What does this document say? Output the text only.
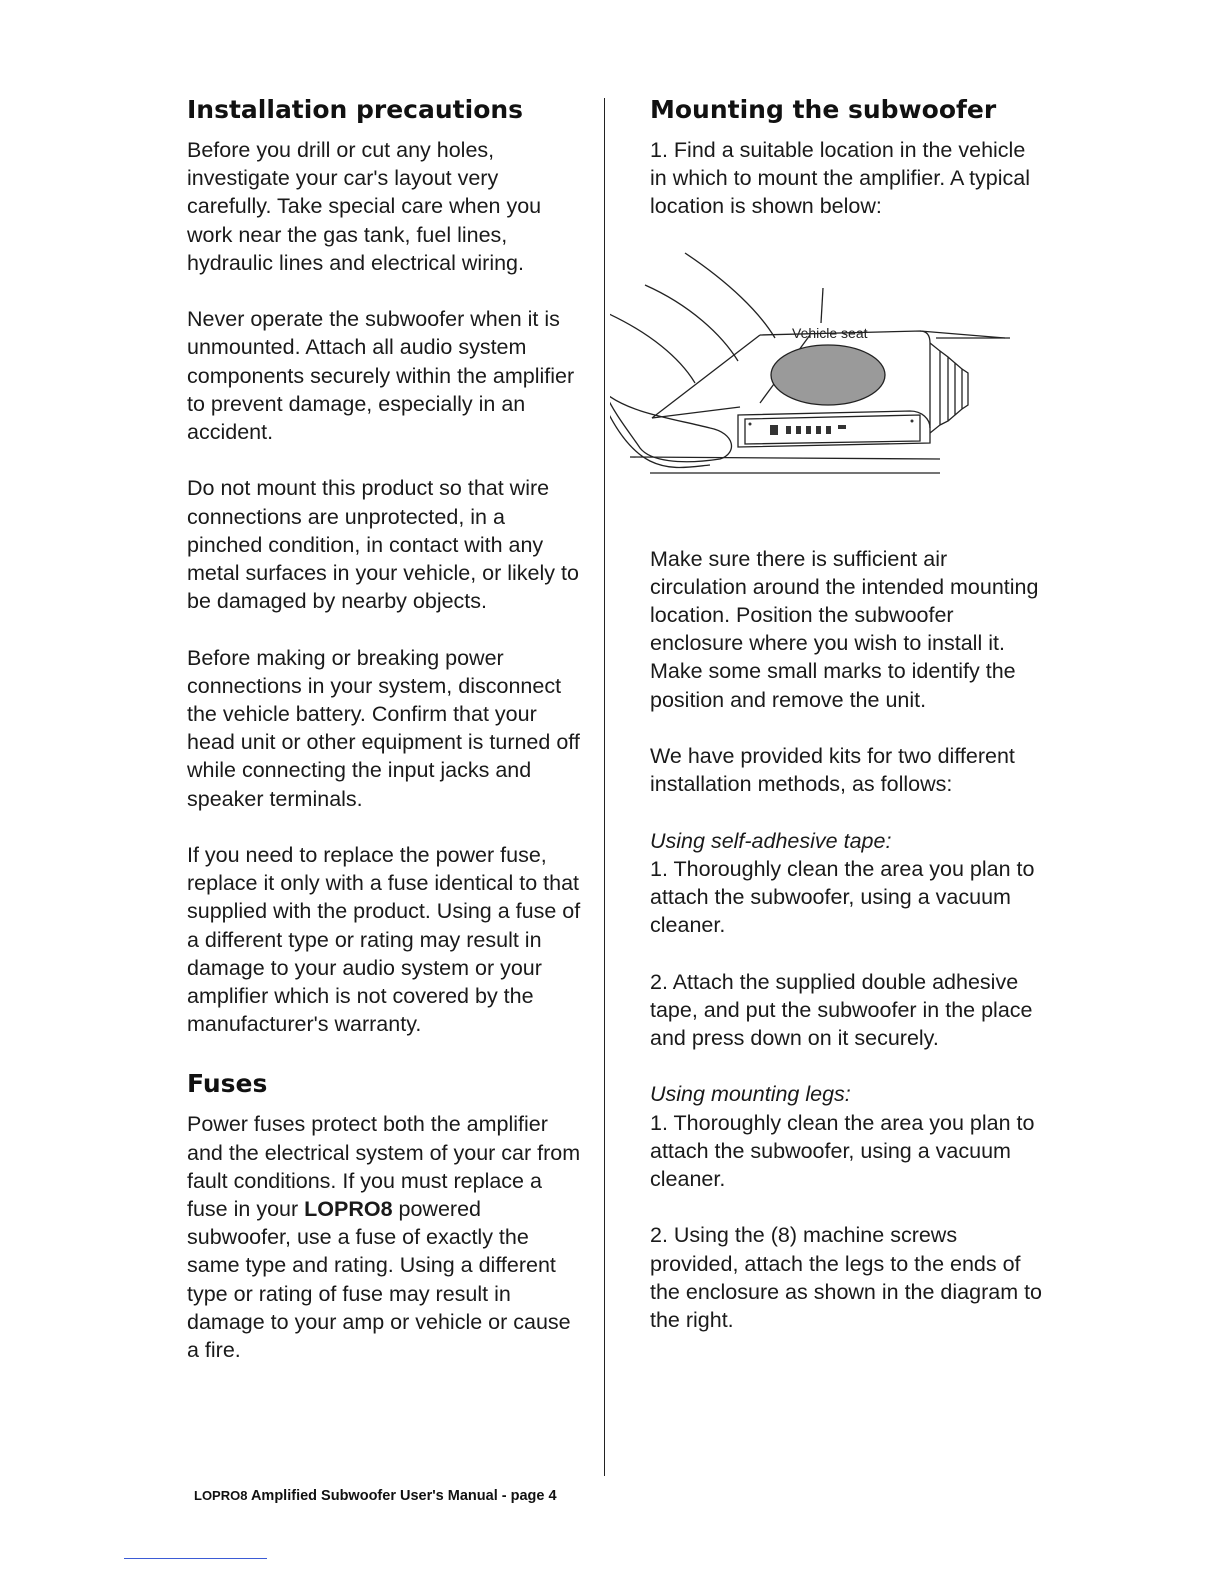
Installation precautions

Before you drill or cut any holes, investigate your car's layout very carefully. Take special care when you work near the gas tank, fuel lines, hydraulic lines and electrical wiring.

Never operate the subwoofer when it is unmounted. Attach all audio system components securely within the amplifier to prevent damage, especially in an accident.

Do not mount this product so that wire connections are unprotected, in a pinched condition, in contact with any metal surfaces in your vehicle, or likely to be damaged by nearby objects.

Before making or breaking power connections in your system, disconnect the vehicle battery. Confirm that your head unit or other equipment is turned off while connecting the input jacks and speaker terminals.

If you need to replace the power fuse, replace it only with a fuse identical to that supplied with the product. Using a fuse of a different type or rating may result in damage to your audio system or your amplifier which is not covered by the manufacturer's warranty.

Fuses

Power fuses protect both the amplifier and the electrical system of your car from fault conditions. If you must replace a fuse in your LOPRO8 powered subwoofer, use a fuse of exactly the same type and rating. Using a different type or rating of fuse may result in damage to your amp or vehicle or cause a fire.

Mounting the subwoofer

1. Find a suitable location in the vehicle in which to mount the amplifier. A typical location is shown below:

Vehicle seat

Make sure there is sufficient air circulation around the intended mounting location. Position the subwoofer enclosure where you wish to install it. Make some small marks to identify the position and remove the unit.

We have provided kits for two different installation methods, as follows:

Using self-adhesive tape:

1. Thoroughly clean the area you plan to attach the subwoofer, using a vacuum cleaner.

2. Attach the supplied double adhesive tape, and put the subwoofer in the place and press down on it securely.

Using mounting legs:

1. Thoroughly clean the area you plan to attach the subwoofer, using a vacuum cleaner.

2. Using the (8) machine screws provided, attach the legs to the ends of the enclosure as shown in the diagram to the right.

LOPRO8 Amplified Subwoofer User's Manual - page 4
